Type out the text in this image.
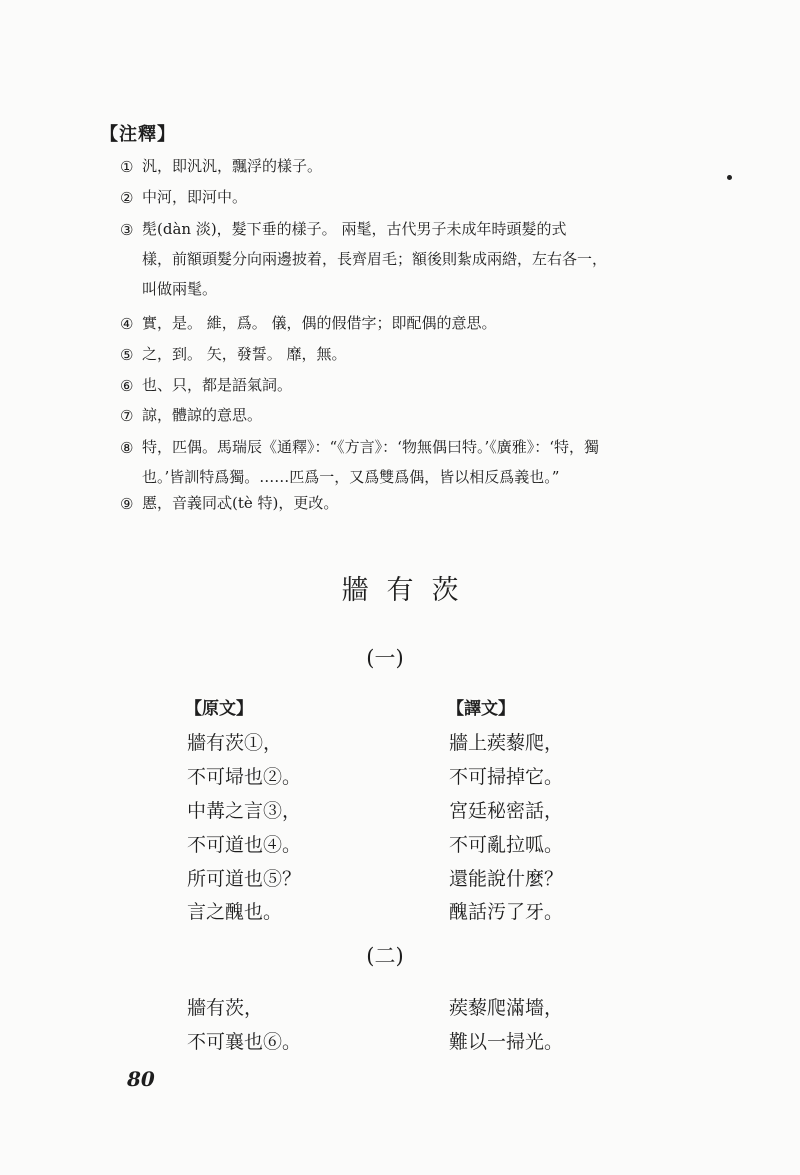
【注釋】
① 汎，即汎汎，飄浮的樣子。
② 中河，即河中。
③ 髧(dàn 淡)，髮下垂的樣子。 兩髦，古代男子未成年時頭髮的式
樣，前額頭髮分向兩邊披着，長齊眉毛；額後則紮成兩綹，左右各一，
叫做兩髦。
④ 實，是。 維，爲。 儀，偶的假借字；即配偶的意思。
⑤ 之，到。 矢，發誓。 靡，無。
⑥ 也、只，都是語氣詞。
⑦ 諒，體諒的意思。
⑧ 特，匹偶。馬瑞辰《通釋》：“《方言》：‘物無偶曰特。’《廣雅》：‘特，獨
也。’皆訓特爲獨。……匹爲一，又爲雙爲偶，皆以相反爲義也。”
⑨ 慝，音義同忒(tè 特)，更改。
牆有茨
(一)
【原文】	【譯文】
牆有茨①，
不可埽也②。
中冓之言③，
不可道也④。
所可道也⑤？
言之醜也。
牆上蒺藜爬，
不可掃掉它。
宮廷秘密話，
不可亂拉呱。
還能說什麼？
醜話汚了牙。
(二)
牆有茨，
不可襄也⑥。
蒺藜爬滿墻，
難以一掃光。
80
